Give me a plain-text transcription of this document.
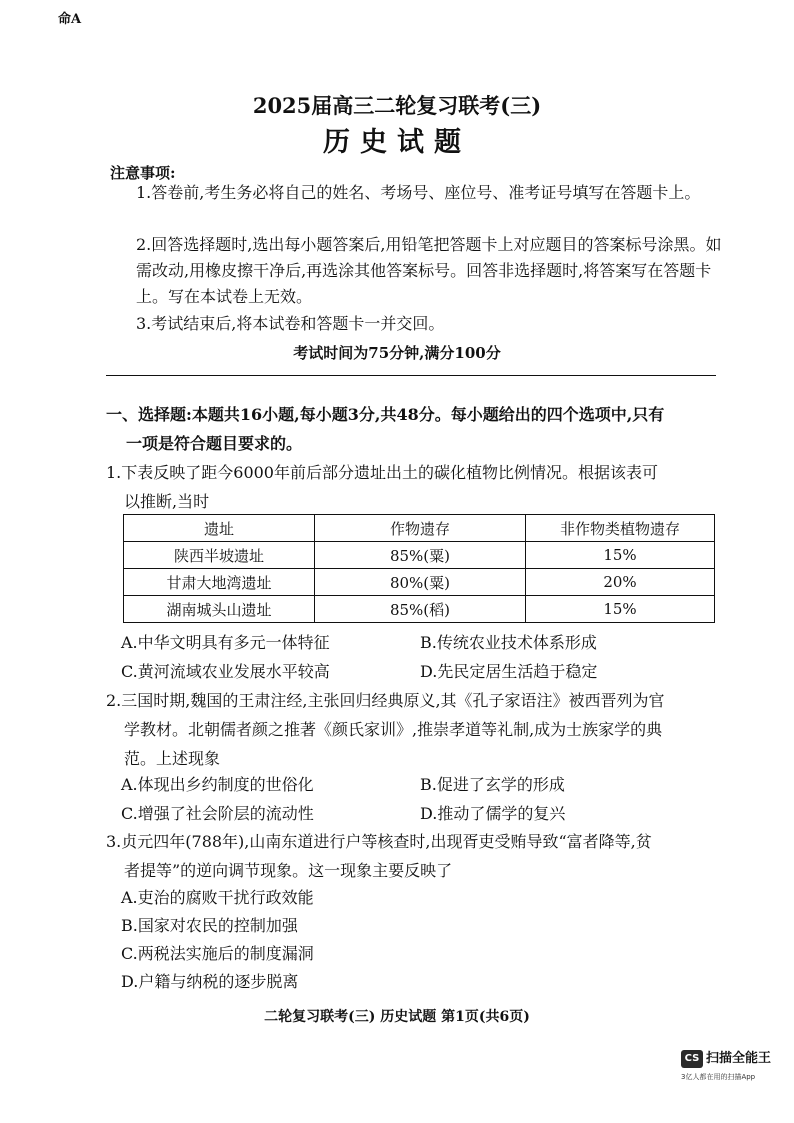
命A
2025届高三二轮复习联考(三)
历史试题
注意事项:
1.答卷前,考生务必将自己的姓名、考场号、座位号、准考证号填写在答题卡上。
2.回答选择题时,选出每小题答案后,用铅笔把答题卡上对应题目的答案标号涂黑。如需改动,用橡皮擦干净后,再选涂其他答案标号。回答非选择题时,将答案写在答题卡上。写在本试卷上无效。
3.考试结束后,将本试卷和答题卡一并交回。
考试时间为75分钟,满分100分
一、选择题:本题共16小题,每小题3分,共48分。每小题给出的四个选项中,只有
一项是符合题目要求的。
1.下表反映了距今6000年前后部分遗址出土的碳化植物比例情况。根据该表可
以推断,当时
遗址	作物遗存	非作物类植物遗存
陕西半坡遗址	85%(粟)	15%
甘肃大地湾遗址	80%(粟)	20%
湖南城头山遗址	85%(稻)	15%
A.中华文明具有多元一体特征	B.传统农业技术体系形成
C.黄河流域农业发展水平较高	D.先民定居生活趋于稳定
2.三国时期,魏国的王肃注经,主张回归经典原义,其《孔子家语注》被西晋列为官
学教材。北朝儒者颜之推著《颜氏家训》,推崇孝道等礼制,成为士族家学的典
范。上述现象
A.体现出乡约制度的世俗化	B.促进了玄学的形成
C.增强了社会阶层的流动性	D.推动了儒学的复兴
3.贞元四年(788年),山南东道进行户等核查时,出现胥吏受贿导致“富者降等,贫
者提等”的逆向调节现象。这一现象主要反映了
A.吏治的腐败干扰行政效能
B.国家对农民的控制加强
C.两税法实施后的制度漏洞
D.户籍与纳税的逐步脱离
二轮复习联考(三) 历史试题 第1页(共6页)
CS 扫描全能王
3亿人都在用的扫描App
